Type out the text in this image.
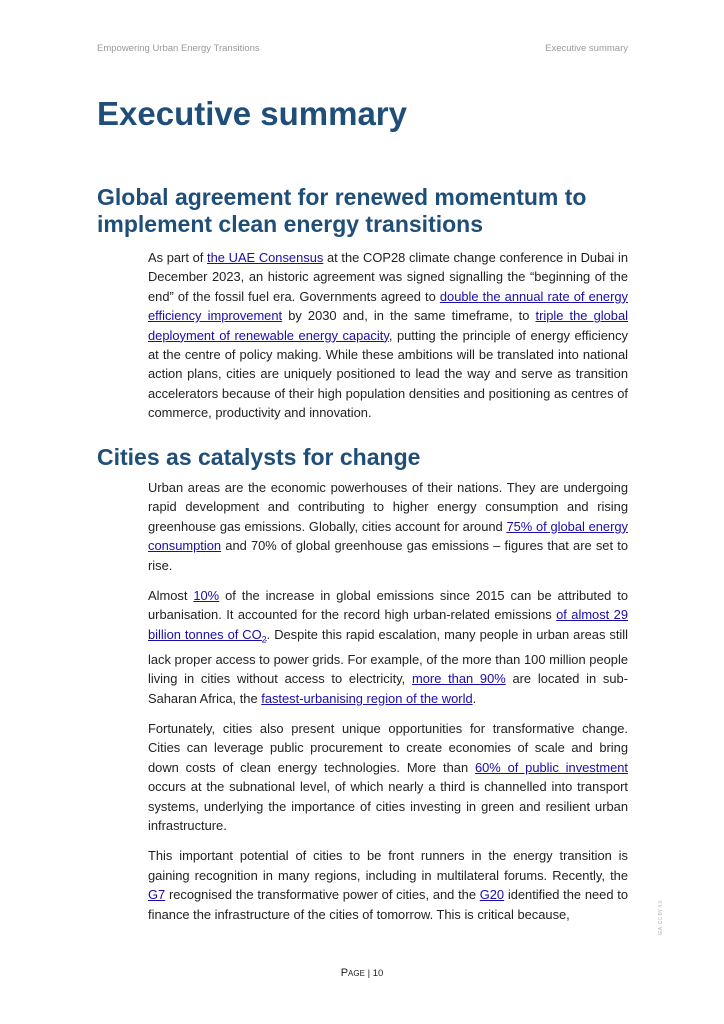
Empowering Urban Energy Transitions	Executive summary
Executive summary
Global agreement for renewed momentum to implement clean energy transitions

As part of the UAE Consensus at the COP28 climate change conference in Dubai in December 2023, an historic agreement was signed signalling the “beginning of the end” of the fossil fuel era. Governments agreed to double the annual rate of energy efficiency improvement by 2030 and, in the same timeframe, to triple the global deployment of renewable energy capacity, putting the principle of energy efficiency at the centre of policy making. While these ambitions will be translated into national action plans, cities are uniquely positioned to lead the way and serve as transition accelerators because of their high population densities and positioning as centres of commerce, productivity and innovation.

Cities as catalysts for change

Urban areas are the economic powerhouses of their nations. They are undergoing rapid development and contributing to higher energy consumption and rising greenhouse gas emissions. Globally, cities account for around 75% of global energy consumption and 70% of global greenhouse gas emissions – figures that are set to rise.

Almost 10% of the increase in global emissions since 2015 can be attributed to urbanisation. It accounted for the record high urban-related emissions of almost 29 billion tonnes of $CO_2$. Despite this rapid escalation, many people in urban areas still lack proper access to power grids. For example, of the more than 100 million people living in cities without access to electricity, more than 90% are located in sub-Saharan Africa, the fastest-urbanising region of the world.

Fortunately, cities also present unique opportunities for transformative change. Cities can leverage public procurement to create economies of scale and bring down costs of clean energy technologies. More than 60% of public investment occurs at the subnational level, of which nearly a third is channelled into transport systems, underlying the importance of cities investing in green and resilient urban infrastructure.

This important potential of cities to be front runners in the energy transition is gaining recognition in many regions, including in multilateral forums. Recently, the G7 recognised the transformative power of cities, and the G20 identified the need to finance the infrastructure of the cities of tomorrow. This is critical because,

Page | 10
IEA. CC BY 4.0.
